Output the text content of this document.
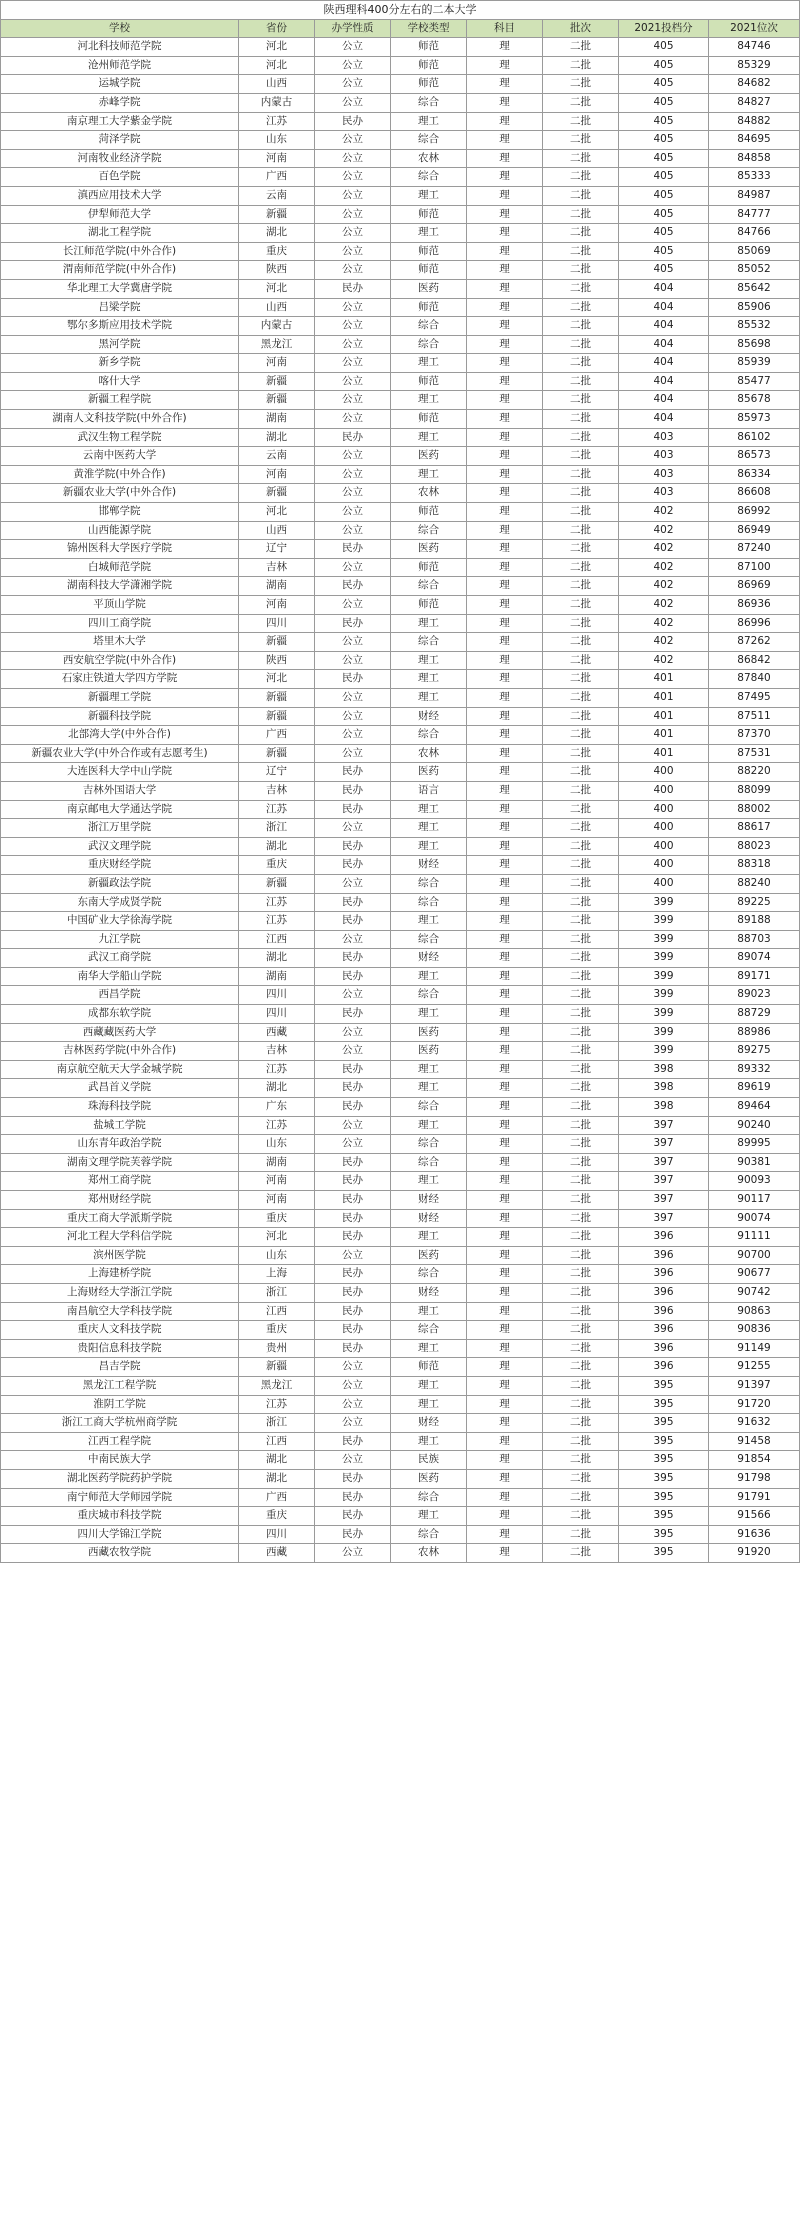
陕西理科400分左右的二本大学							
学校	省份	办学性质	学校类型	科目	批次	2021投档分	2021位次
河北科技师范学院	河北	公立	师范	理	二批	405	84746
沧州师范学院	河北	公立	师范	理	二批	405	85329
运城学院	山西	公立	师范	理	二批	405	84682
赤峰学院	内蒙古	公立	综合	理	二批	405	84827
南京理工大学紫金学院	江苏	民办	理工	理	二批	405	84882
菏泽学院	山东	公立	综合	理	二批	405	84695
河南牧业经济学院	河南	公立	农林	理	二批	405	84858
百色学院	广西	公立	综合	理	二批	405	85333
滇西应用技术大学	云南	公立	理工	理	二批	405	84987
伊犁师范大学	新疆	公立	师范	理	二批	405	84777
湖北工程学院	湖北	公立	理工	理	二批	405	84766
长江师范学院(中外合作)	重庆	公立	师范	理	二批	405	85069
渭南师范学院(中外合作)	陕西	公立	师范	理	二批	405	85052
华北理工大学冀唐学院	河北	民办	医药	理	二批	404	85642
吕梁学院	山西	公立	师范	理	二批	404	85906
鄂尔多斯应用技术学院	内蒙古	公立	综合	理	二批	404	85532
黑河学院	黑龙江	公立	综合	理	二批	404	85698
新乡学院	河南	公立	理工	理	二批	404	85939
喀什大学	新疆	公立	师范	理	二批	404	85477
新疆工程学院	新疆	公立	理工	理	二批	404	85678
湖南人文科技学院(中外合作)	湖南	公立	师范	理	二批	404	85973
武汉生物工程学院	湖北	民办	理工	理	二批	403	86102
云南中医药大学	云南	公立	医药	理	二批	403	86573
黄淮学院(中外合作)	河南	公立	理工	理	二批	403	86334
新疆农业大学(中外合作)	新疆	公立	农林	理	二批	403	86608
邯郸学院	河北	公立	师范	理	二批	402	86992
山西能源学院	山西	公立	综合	理	二批	402	86949
锦州医科大学医疗学院	辽宁	民办	医药	理	二批	402	87240
白城师范学院	吉林	公立	师范	理	二批	402	87100
湖南科技大学潇湘学院	湖南	民办	综合	理	二批	402	86969
平顶山学院	河南	公立	师范	理	二批	402	86936
四川工商学院	四川	民办	理工	理	二批	402	86996
塔里木大学	新疆	公立	综合	理	二批	402	87262
西安航空学院(中外合作)	陕西	公立	理工	理	二批	402	86842
石家庄铁道大学四方学院	河北	民办	理工	理	二批	401	87840
新疆理工学院	新疆	公立	理工	理	二批	401	87495
新疆科技学院	新疆	公立	财经	理	二批	401	87511
北部湾大学(中外合作)	广西	公立	综合	理	二批	401	87370
新疆农业大学(中外合作或有志愿考生)	新疆	公立	农林	理	二批	401	87531
大连医科大学中山学院	辽宁	民办	医药	理	二批	400	88220
吉林外国语大学	吉林	民办	语言	理	二批	400	88099
南京邮电大学通达学院	江苏	民办	理工	理	二批	400	88002
浙江万里学院	浙江	公立	理工	理	二批	400	88617
武汉文理学院	湖北	民办	理工	理	二批	400	88023
重庆财经学院	重庆	民办	财经	理	二批	400	88318
新疆政法学院	新疆	公立	综合	理	二批	400	88240
东南大学成贤学院	江苏	民办	综合	理	二批	399	89225
中国矿业大学徐海学院	江苏	民办	理工	理	二批	399	89188
九江学院	江西	公立	综合	理	二批	399	88703
武汉工商学院	湖北	民办	财经	理	二批	399	89074
南华大学船山学院	湖南	民办	理工	理	二批	399	89171
西昌学院	四川	公立	综合	理	二批	399	89023
成都东软学院	四川	民办	理工	理	二批	399	88729
西藏藏医药大学	西藏	公立	医药	理	二批	399	88986
吉林医药学院(中外合作)	吉林	公立	医药	理	二批	399	89275
南京航空航天大学金城学院	江苏	民办	理工	理	二批	398	89332
武昌首义学院	湖北	民办	理工	理	二批	398	89619
珠海科技学院	广东	民办	综合	理	二批	398	89464
盐城工学院	江苏	公立	理工	理	二批	397	90240
山东青年政治学院	山东	公立	综合	理	二批	397	89995
湖南文理学院芙蓉学院	湖南	民办	综合	理	二批	397	90381
郑州工商学院	河南	民办	理工	理	二批	397	90093
郑州财经学院	河南	民办	财经	理	二批	397	90117
重庆工商大学派斯学院	重庆	民办	财经	理	二批	397	90074
河北工程大学科信学院	河北	民办	理工	理	二批	396	91111
滨州医学院	山东	公立	医药	理	二批	396	90700
上海建桥学院	上海	民办	综合	理	二批	396	90677
上海财经大学浙江学院	浙江	民办	财经	理	二批	396	90742
南昌航空大学科技学院	江西	民办	理工	理	二批	396	90863
重庆人文科技学院	重庆	民办	综合	理	二批	396	90836
贵阳信息科技学院	贵州	民办	理工	理	二批	396	91149
昌吉学院	新疆	公立	师范	理	二批	396	91255
黑龙江工程学院	黑龙江	公立	理工	理	二批	395	91397
淮阴工学院	江苏	公立	理工	理	二批	395	91720
浙江工商大学杭州商学院	浙江	公立	财经	理	二批	395	91632
江西工程学院	江西	民办	理工	理	二批	395	91458
中南民族大学	湖北	公立	民族	理	二批	395	91854
湖北医药学院药护学院	湖北	民办	医药	理	二批	395	91798
南宁师范大学师园学院	广西	民办	综合	理	二批	395	91791
重庆城市科技学院	重庆	民办	理工	理	二批	395	91566
四川大学锦江学院	四川	民办	综合	理	二批	395	91636
西藏农牧学院	西藏	公立	农林	理	二批	395	91920
